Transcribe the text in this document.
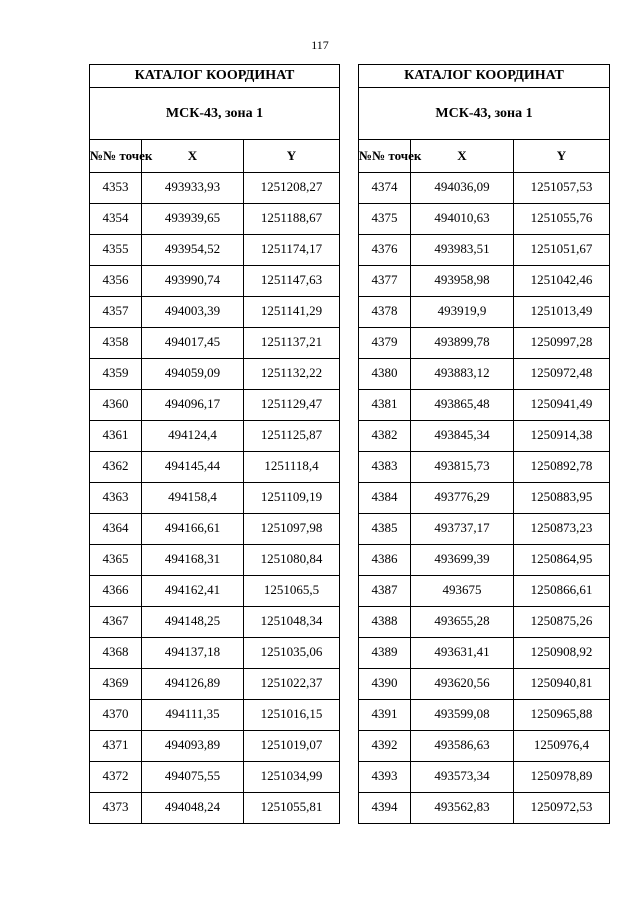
117
КАТАЛОГ КООРДИНАТ		
МСК-43, зона 1		
№№ точек	X	Y
4353	493933,93	1251208,27
4354	493939,65	1251188,67
4355	493954,52	1251174,17
4356	493990,74	1251147,63
4357	494003,39	1251141,29
4358	494017,45	1251137,21
4359	494059,09	1251132,22
4360	494096,17	1251129,47
4361	494124,4	1251125,87
4362	494145,44	1251118,4
4363	494158,4	1251109,19
4364	494166,61	1251097,98
4365	494168,31	1251080,84
4366	494162,41	1251065,5
4367	494148,25	1251048,34
4368	494137,18	1251035,06
4369	494126,89	1251022,37
4370	494111,35	1251016,15
4371	494093,89	1251019,07
4372	494075,55	1251034,99
4373	494048,24	1251055,81
КАТАЛОГ КООРДИНАТ		
МСК-43, зона 1		
№№ точек	X	Y
4374	494036,09	1251057,53
4375	494010,63	1251055,76
4376	493983,51	1251051,67
4377	493958,98	1251042,46
4378	493919,9	1251013,49
4379	493899,78	1250997,28
4380	493883,12	1250972,48
4381	493865,48	1250941,49
4382	493845,34	1250914,38
4383	493815,73	1250892,78
4384	493776,29	1250883,95
4385	493737,17	1250873,23
4386	493699,39	1250864,95
4387	493675	1250866,61
4388	493655,28	1250875,26
4389	493631,41	1250908,92
4390	493620,56	1250940,81
4391	493599,08	1250965,88
4392	493586,63	1250976,4
4393	493573,34	1250978,89
4394	493562,83	1250972,53
